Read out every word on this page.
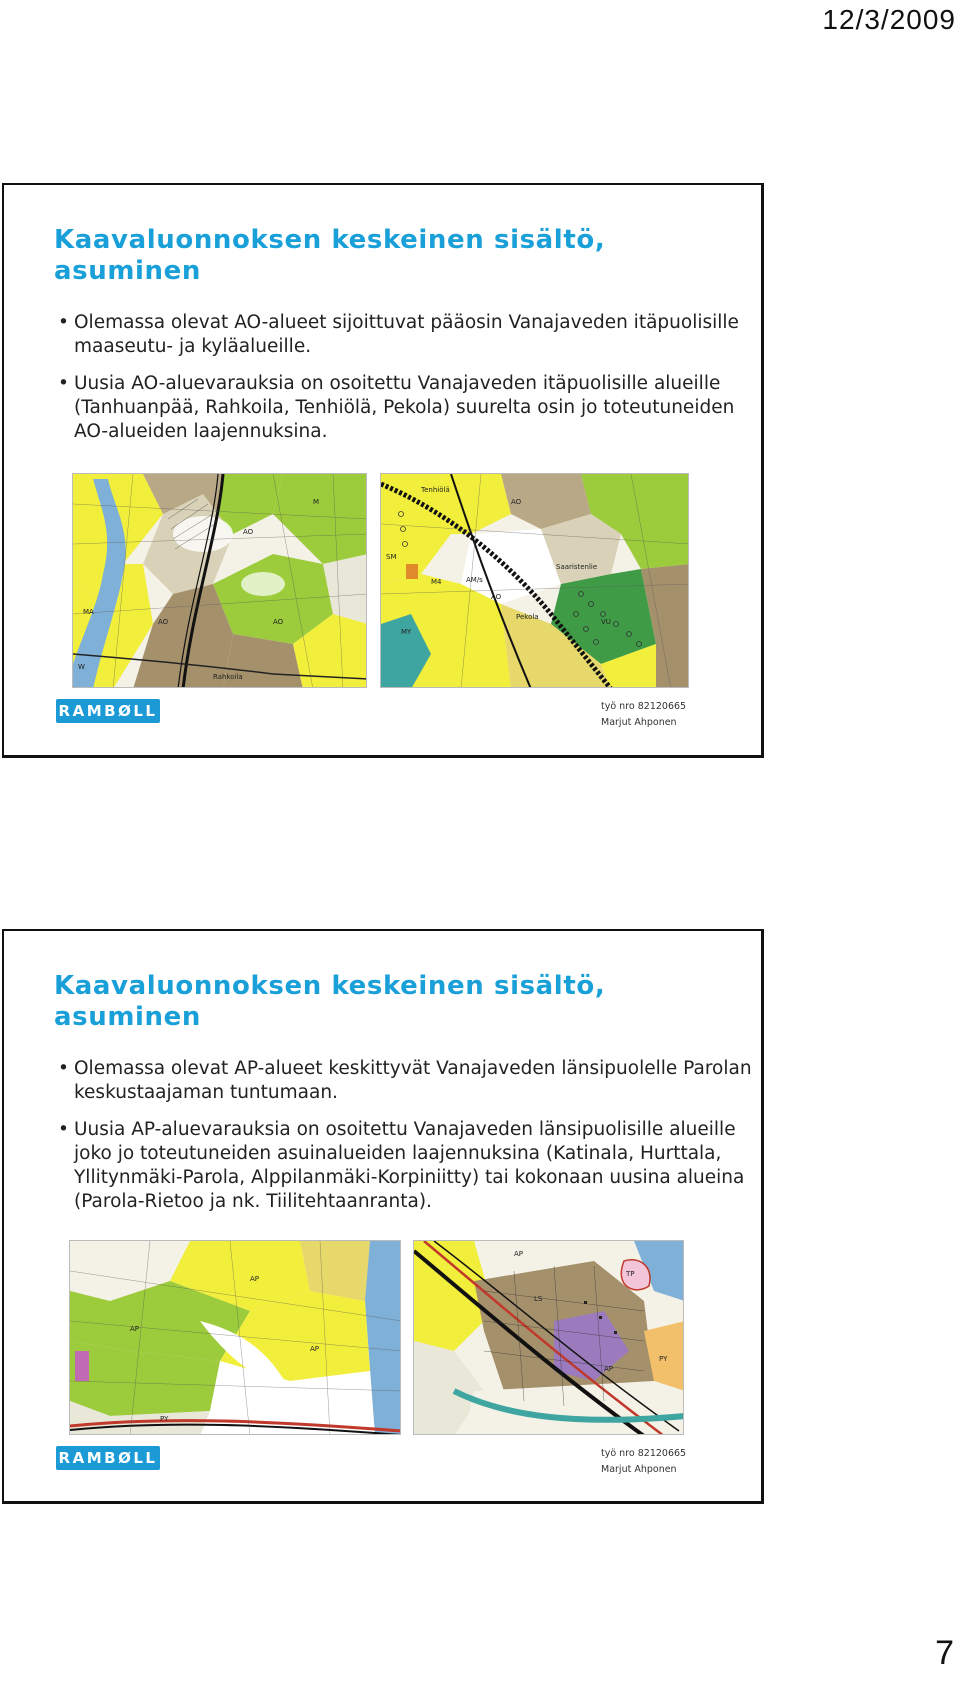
12/3/2009
Kaavaluonnoksen keskeinen sisältö, asuminen
• Olemassa olevat AO-alueet sijoittuvat pääosin Vanajaveden itäpuolisille maaseutu- ja kyläalueille.
• Uusia AO-aluevarauksia on osoitettu Vanajaveden itäpuolisille alueille (Tanhuanpää, Rahkoila, Tenhiölä, Pekola) suurelta osin jo toteutuneiden AO-alueiden laajennuksina.
AO
MA
AO
M
Rahkoila
W
AO
AO
M4
SM
AM/s
AO
Pekola
VU
MY
Tenhiölä
Saaristenlie
RAMBØLL	työ nro 82120665
Marjut Ahponen
Kaavaluonnoksen keskeinen sisältö, asuminen
• Olemassa olevat AP-alueet keskittyvät Vanajaveden länsipuolelle Parolan keskustaajaman tuntumaan.
• Uusia AP-aluevarauksia on osoitettu Vanajaveden länsipuolisille alueille joko jo toteutuneiden asuinalueiden laajennuksina (Katinala, Hurttala, Yllitynmäki-Parola, Alppilanmäki-Korpiniitty) tai kokonaan uusina alueina (Parola-Rietoo ja nk. Tiilitehtaanranta).
AP
AP
PY
AP
AP
LS
TP
PY
AP
RAMBØLL	työ nro 82120665
Marjut Ahponen
7
